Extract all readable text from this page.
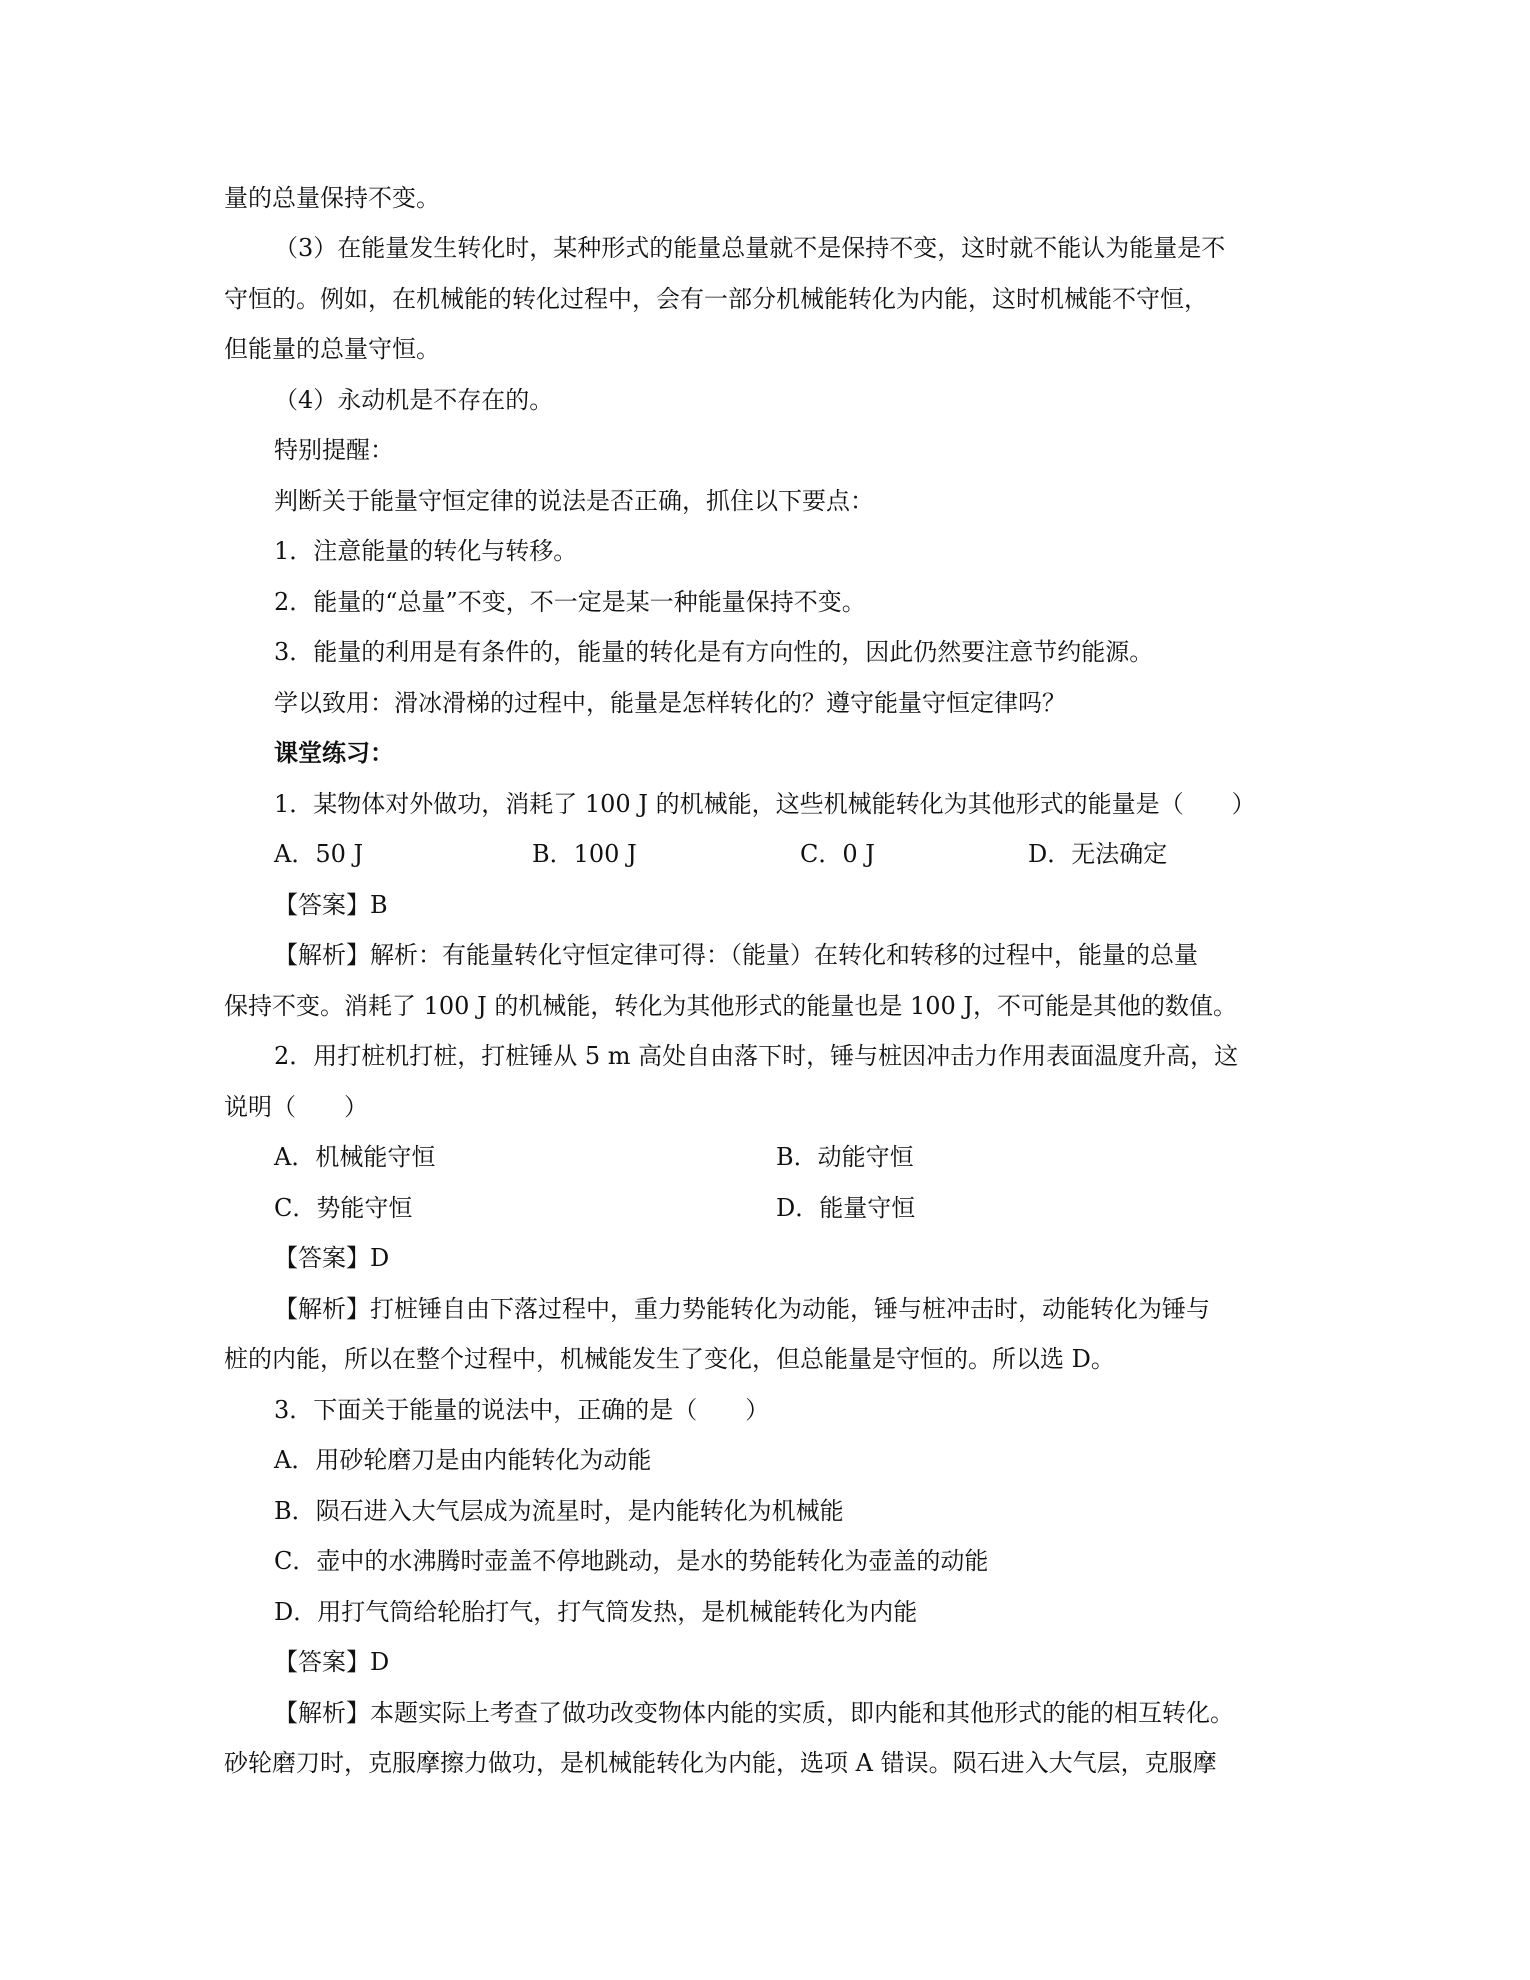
量的总量保持不变。
（3）在能量发生转化时，某种形式的能量总量就不是保持不变，这时就不能认为能量是不
守恒的。例如，在机械能的转化过程中，会有一部分机械能转化为内能，这时机械能不守恒，
但能量的总量守恒。
（4）永动机是不存在的。
特别提醒：
判断关于能量守恒定律的说法是否正确，抓住以下要点：
1．注意能量的转化与转移。
2．能量的“总量”不变，不一定是某一种能量保持不变。
3．能量的利用是有条件的，能量的转化是有方向性的，因此仍然要注意节约能源。
学以致用：滑冰滑梯的过程中，能量是怎样转化的？遵守能量守恒定律吗？
课堂练习：
1．某物体对外做功，消耗了 100 J 的机械能，这些机械能转化为其他形式的能量是（　　）
A．50 J	B．100 J	C．0 J	D．无法确定
【答案】B
【解析】解析：有能量转化守恒定律可得：（能量）在转化和转移的过程中，能量的总量
保持不变。消耗了 100 J 的机械能，转化为其他形式的能量也是 100 J，不可能是其他的数值。
2．用打桩机打桩，打桩锤从 5 m 高处自由落下时，锤与桩因冲击力作用表面温度升高，这
说明（　　）
A．机械能守恒	B．动能守恒
C．势能守恒	D．能量守恒
【答案】D
【解析】打桩锤自由下落过程中，重力势能转化为动能，锤与桩冲击时，动能转化为锤与
桩的内能，所以在整个过程中，机械能发生了变化，但总能量是守恒的。所以选 D。
3．下面关于能量的说法中，正确的是（　　）
A．用砂轮磨刀是由内能转化为动能
B．陨石进入大气层成为流星时，是内能转化为机械能
C．壶中的水沸腾时壶盖不停地跳动，是水的势能转化为壶盖的动能
D．用打气筒给轮胎打气，打气筒发热，是机械能转化为内能
【答案】D
【解析】本题实际上考查了做功改变物体内能的实质，即内能和其他形式的能的相互转化。
砂轮磨刀时，克服摩擦力做功，是机械能转化为内能，选项 A 错误。陨石进入大气层，克服摩
